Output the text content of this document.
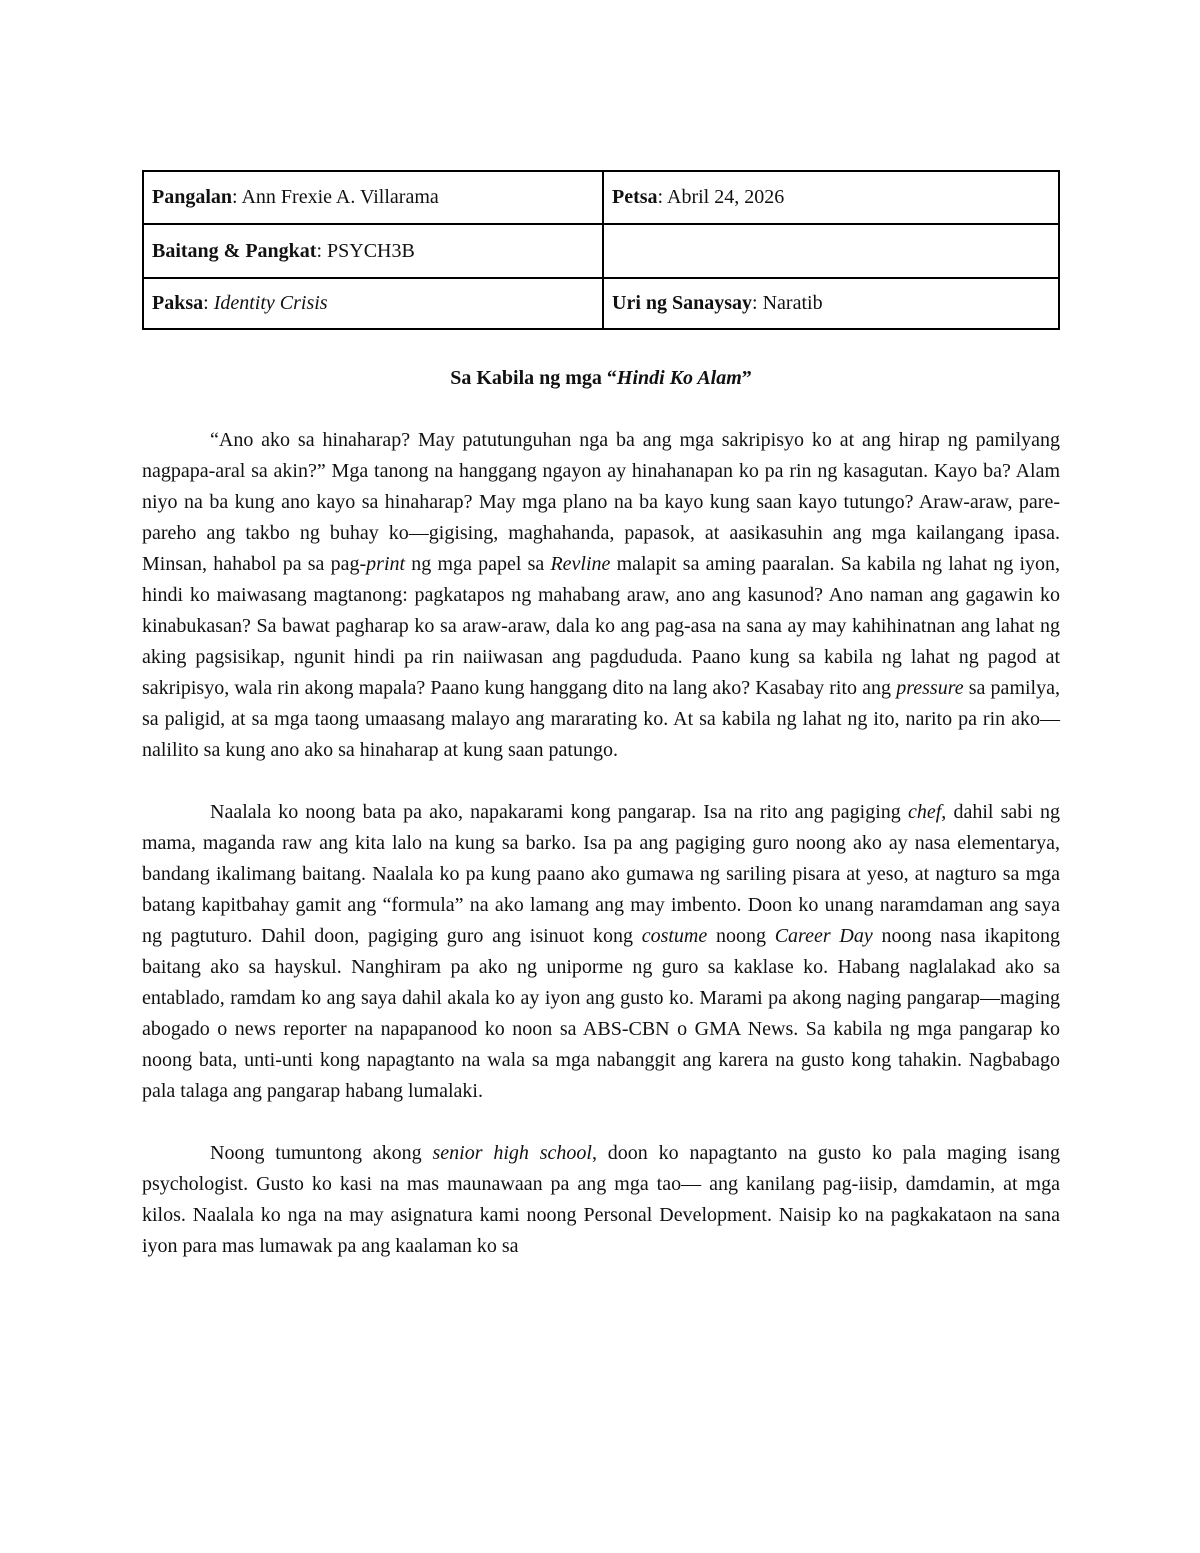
Pangalan: Ann Frexie A. Villarama	Petsa: Abril 24, 2026
Baitang & Pangkat: PSYCH3B	
Paksa: Identity Crisis	Uri ng Sanaysay: Naratib
Sa Kabila ng mga “Hindi Ko Alam”

“Ano ako sa hinaharap? May patutunguhan nga ba ang mga sakripisyo ko at ang hirap ng pamilyang nagpapa-aral sa akin?” Mga tanong na hanggang ngayon ay hinahanapan ko pa rin ng kasagutan. Kayo ba? Alam niyo na ba kung ano kayo sa hinaharap? May mga plano na ba kayo kung saan kayo tutungo? Araw-araw, pare-pareho ang takbo ng buhay ko—gigising, maghahanda, papasok, at aasikasuhin ang mga kailangang ipasa. Minsan, hahabol pa sa pag-print ng mga papel sa Revline malapit sa aming paaralan. Sa kabila ng lahat ng iyon, hindi ko maiwasang magtanong: pagkatapos ng mahabang araw, ano ang kasunod? Ano naman ang gagawin ko kinabukasan? Sa bawat pagharap ko sa araw-araw, dala ko ang pag-asa na sana ay may kahihinatnan ang lahat ng aking pagsisikap, ngunit hindi pa rin naiiwasan ang pagdududa. Paano kung sa kabila ng lahat ng pagod at sakripisyo, wala rin akong mapala? Paano kung hanggang dito na lang ako? Kasabay rito ang pressure sa pamilya, sa paligid, at sa mga taong umaasang malayo ang mararating ko. At sa kabila ng lahat ng ito, narito pa rin ako—nalilito sa kung ano ako sa hinaharap at kung saan patungo.

Naalala ko noong bata pa ako, napakarami kong pangarap. Isa na rito ang pagiging chef, dahil sabi ng mama, maganda raw ang kita lalo na kung sa barko. Isa pa ang pagiging guro noong ako ay nasa elementarya, bandang ikalimang baitang. Naalala ko pa kung paano ako gumawa ng sariling pisara at yeso, at nagturo sa mga batang kapitbahay gamit ang “formula” na ako lamang ang may imbento. Doon ko unang naramdaman ang saya ng pagtuturo. Dahil doon, pagiging guro ang isinuot kong costume noong Career Day noong nasa ikapitong baitang ako sa hayskul. Nanghiram pa ako ng uniporme ng guro sa kaklase ko. Habang naglalakad ako sa entablado, ramdam ko ang saya dahil akala ko ay iyon ang gusto ko. Marami pa akong naging pangarap—maging abogado o news reporter na napapanood ko noon sa ABS-CBN o GMA News. Sa kabila ng mga pangarap ko noong bata, unti-unti kong napagtanto na wala sa mga nabanggit ang karera na gusto kong tahakin. Nagbabago pala talaga ang pangarap habang lumalaki.

Noong tumuntong akong senior high school, doon ko napagtanto na gusto ko pala maging isang psychologist. Gusto ko kasi na mas maunawaan pa ang mga tao— ang kanilang pag-iisip, damdamin, at mga kilos. Naalala ko nga na may asignatura kami noong Personal Development. Naisip ko na pagkakataon na sana iyon para mas lumawak pa ang kaalaman ko sa
